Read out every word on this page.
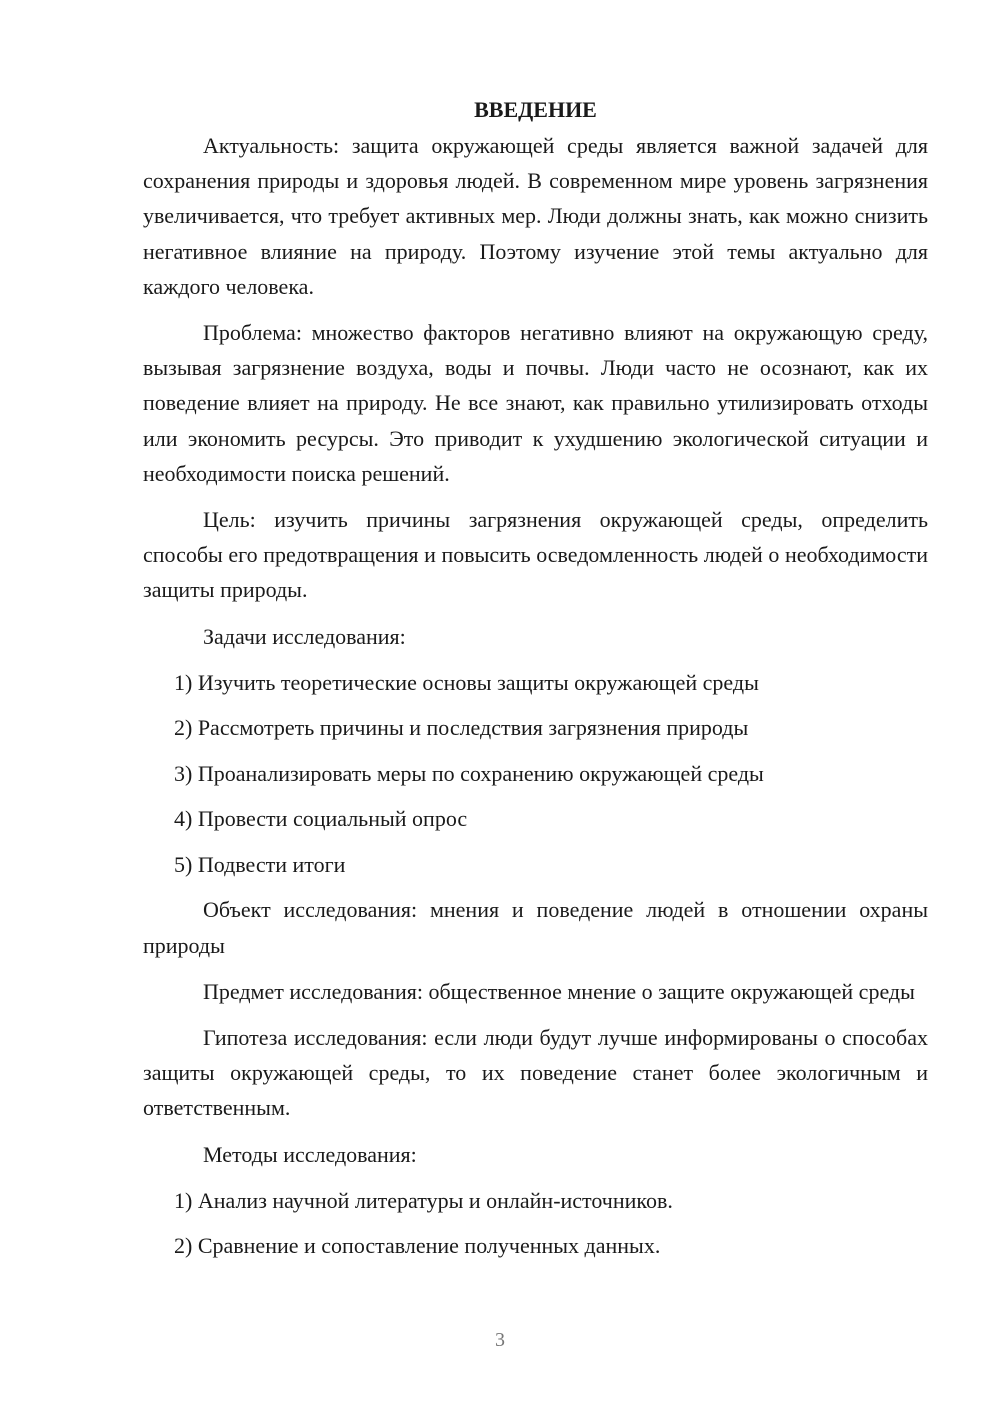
ВВЕДЕНИЕ

Актуальность: защита окружающей среды является важной задачей для сохранения природы и здоровья людей. В современном мире уровень загрязнения увеличивается, что требует активных мер. Люди должны знать, как можно снизить негативное влияние на природу. Поэтому изучение этой темы актуально для каждого человека.

Проблема: множество факторов негативно влияют на окружающую среду, вызывая загрязнение воздуха, воды и почвы. Люди часто не осознают, как их поведение влияет на природу. Не все знают, как правильно утилизировать отходы или экономить ресурсы. Это приводит к ухудшению экологической ситуации и необходимости поиска решений.

Цель: изучить причины загрязнения окружающей среды, определить способы его предотвращения и повысить осведомленность людей о необходимости защиты природы.

Задачи исследования:

1) Изучить теоретические основы защиты окружающей среды
2) Рассмотреть причины и последствия загрязнения природы
3) Проанализировать меры по сохранению окружающей среды
4) Провести социальный опрос
5) Подвести итоги

Объект исследования: мнения и поведение людей в отношении охраны природы

Предмет исследования: общественное мнение о защите окружающей среды

Гипотеза исследования: если люди будут лучше информированы о способах защиты окружающей среды, то их поведение станет более экологичным и ответственным.

Методы исследования:

1) Анализ научной литературы и онлайн-источников.
2) Сравнение и сопоставление полученных данных.
3
